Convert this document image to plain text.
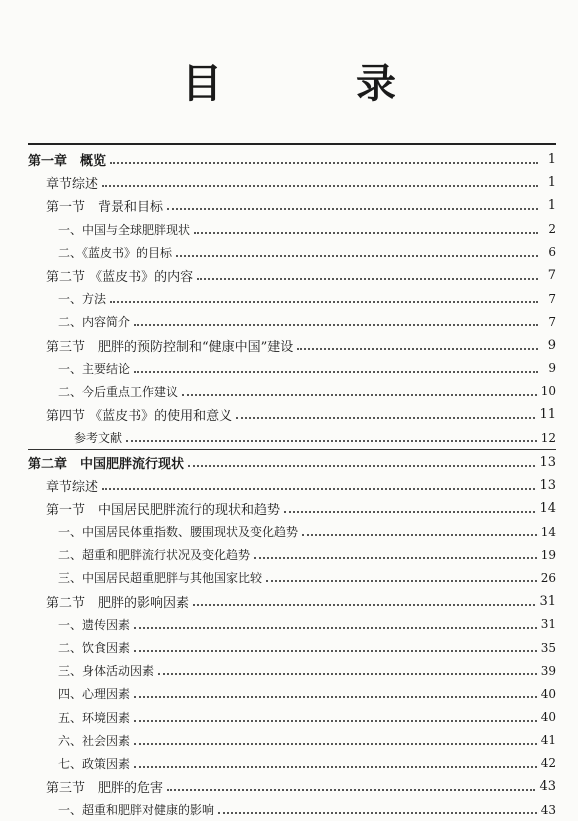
目 录
第一章　概览	1
章节综述	1
第一节　背景和目标	1
一、中国与全球肥胖现状	2
二、《蓝皮书》的目标	6
第二节 《蓝皮书》的内容	7
一、方法	7
二、内容简介	7
第三节　肥胖的预防控制和“健康中国”建设	9
一、主要结论	9
二、今后重点工作建议	10
第四节 《蓝皮书》的使用和意义	11
参考文献	12
第二章　中国肥胖流行现状	13
章节综述	13
第一节　中国居民肥胖流行的现状和趋势	14
一、中国居民体重指数、腰围现状及变化趋势	14
二、超重和肥胖流行状况及变化趋势	19
三、中国居民超重肥胖与其他国家比较	26
第二节　肥胖的影响因素	31
一、遗传因素	31
二、饮食因素	35
三、身体活动因素	39
四、心理因素	40
五、环境因素	40
六、社会因素	41
七、政策因素	42
第三节　肥胖的危害	43
一、超重和肥胖对健康的影响	43
